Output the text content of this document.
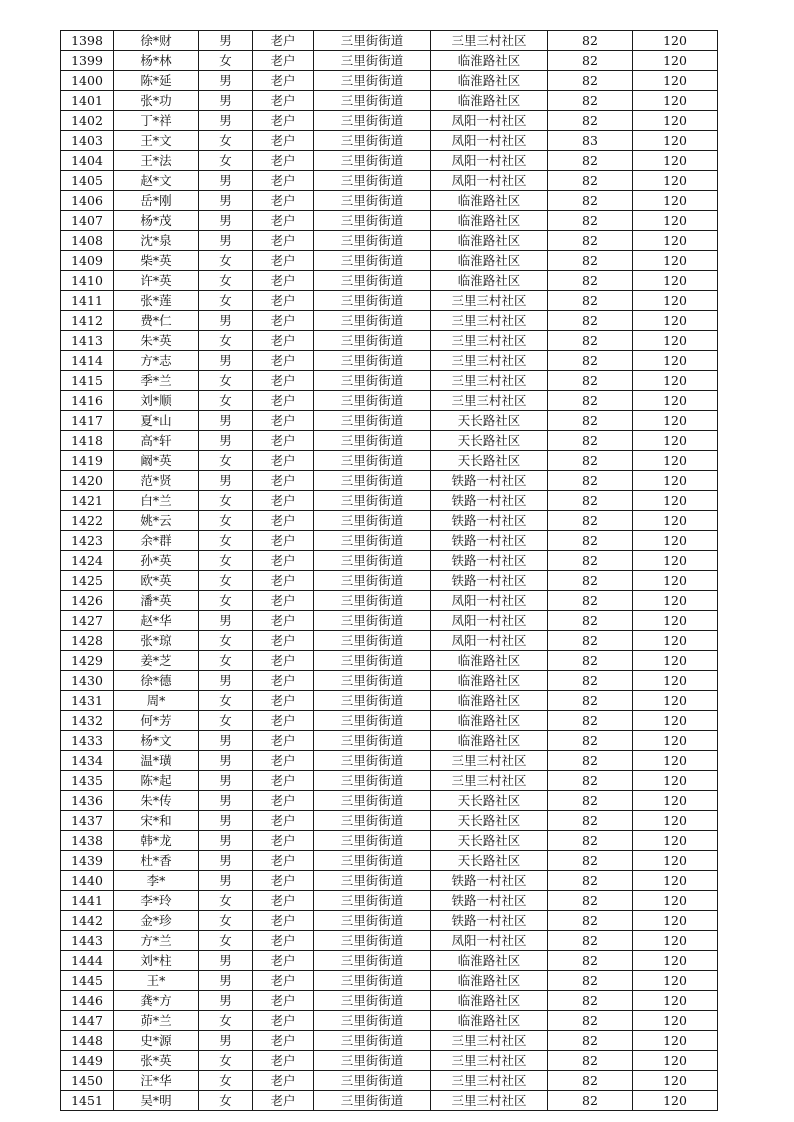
1398	徐*财	男	老户	三里街街道	三里三村社区	82	120
1399	杨*林	女	老户	三里街街道	临淮路社区	82	120
1400	陈*延	男	老户	三里街街道	临淮路社区	82	120
1401	张*功	男	老户	三里街街道	临淮路社区	82	120
1402	丁*祥	男	老户	三里街街道	凤阳一村社区	82	120
1403	王*文	女	老户	三里街街道	凤阳一村社区	83	120
1404	王*法	女	老户	三里街街道	凤阳一村社区	82	120
1405	赵*文	男	老户	三里街街道	凤阳一村社区	82	120
1406	岳*刚	男	老户	三里街街道	临淮路社区	82	120
1407	杨*茂	男	老户	三里街街道	临淮路社区	82	120
1408	沈*泉	男	老户	三里街街道	临淮路社区	82	120
1409	柴*英	女	老户	三里街街道	临淮路社区	82	120
1410	许*英	女	老户	三里街街道	临淮路社区	82	120
1411	张*莲	女	老户	三里街街道	三里三村社区	82	120
1412	费*仁	男	老户	三里街街道	三里三村社区	82	120
1413	朱*英	女	老户	三里街街道	三里三村社区	82	120
1414	方*志	男	老户	三里街街道	三里三村社区	82	120
1415	季*兰	女	老户	三里街街道	三里三村社区	82	120
1416	刘*顺	女	老户	三里街街道	三里三村社区	82	120
1417	夏*山	男	老户	三里街街道	天长路社区	82	120
1418	高*轩	男	老户	三里街街道	天长路社区	82	120
1419	阚*英	女	老户	三里街街道	天长路社区	82	120
1420	范*贤	男	老户	三里街街道	铁路一村社区	82	120
1421	白*兰	女	老户	三里街街道	铁路一村社区	82	120
1422	姚*云	女	老户	三里街街道	铁路一村社区	82	120
1423	余*群	女	老户	三里街街道	铁路一村社区	82	120
1424	孙*英	女	老户	三里街街道	铁路一村社区	82	120
1425	欧*英	女	老户	三里街街道	铁路一村社区	82	120
1426	潘*英	女	老户	三里街街道	凤阳一村社区	82	120
1427	赵*华	男	老户	三里街街道	凤阳一村社区	82	120
1428	张*琼	女	老户	三里街街道	凤阳一村社区	82	120
1429	姜*芝	女	老户	三里街街道	临淮路社区	82	120
1430	徐*德	男	老户	三里街街道	临淮路社区	82	120
1431	周*	女	老户	三里街街道	临淮路社区	82	120
1432	何*芳	女	老户	三里街街道	临淮路社区	82	120
1433	杨*文	男	老户	三里街街道	临淮路社区	82	120
1434	温*璜	男	老户	三里街街道	三里三村社区	82	120
1435	陈*起	男	老户	三里街街道	三里三村社区	82	120
1436	朱*传	男	老户	三里街街道	天长路社区	82	120
1437	宋*和	男	老户	三里街街道	天长路社区	82	120
1438	韩*龙	男	老户	三里街街道	天长路社区	82	120
1439	杜*香	男	老户	三里街街道	天长路社区	82	120
1440	李*	男	老户	三里街街道	铁路一村社区	82	120
1441	李*玲	女	老户	三里街街道	铁路一村社区	82	120
1442	金*珍	女	老户	三里街街道	铁路一村社区	82	120
1443	方*兰	女	老户	三里街街道	凤阳一村社区	82	120
1444	刘*柱	男	老户	三里街街道	临淮路社区	82	120
1445	王*	男	老户	三里街街道	临淮路社区	82	120
1446	龚*方	男	老户	三里街街道	临淮路社区	82	120
1447	茆*兰	女	老户	三里街街道	临淮路社区	82	120
1448	史*源	男	老户	三里街街道	三里三村社区	82	120
1449	张*英	女	老户	三里街街道	三里三村社区	82	120
1450	汪*华	女	老户	三里街街道	三里三村社区	82	120
1451	吴*明	女	老户	三里街街道	三里三村社区	82	120
